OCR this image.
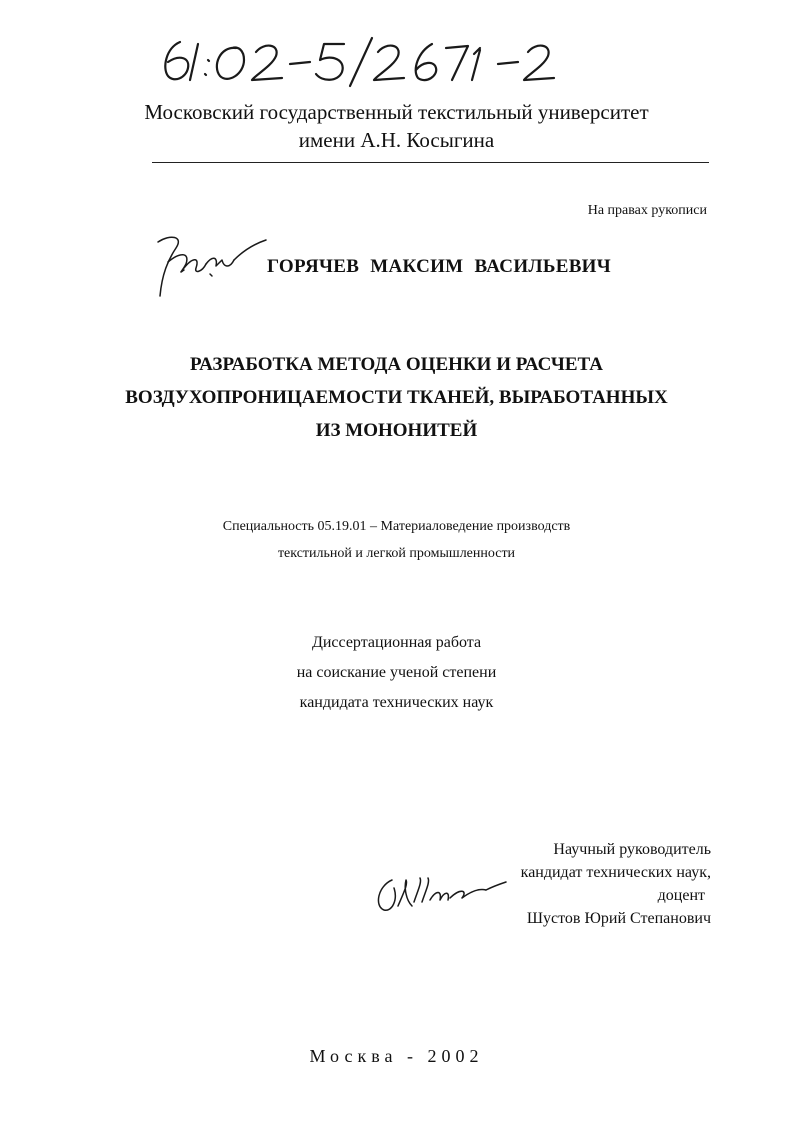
Московский государственный текстильный университет
имени А.Н. Косыгина
На правах рукописи
ГОРЯЧЕВ МАКСИМ ВАСИЛЬЕВИЧ
РАЗРАБОТКА МЕТОДА ОЦЕНКИ И РАСЧЕТА
ВОЗДУХОПРОНИЦАЕМОСТИ ТКАНЕЙ, ВЫРАБОТАННЫХ
ИЗ МОНОНИТЕЙ
Специальность 05.19.01 – Материаловедение производств
текстильной и легкой промышленности
Диссертационная работа
на соискание ученой степени
кандидата технических наук
Научный руководитель
кандидат технических наук,
доцент
Шустов Юрий Степанович
Москва - 2002
